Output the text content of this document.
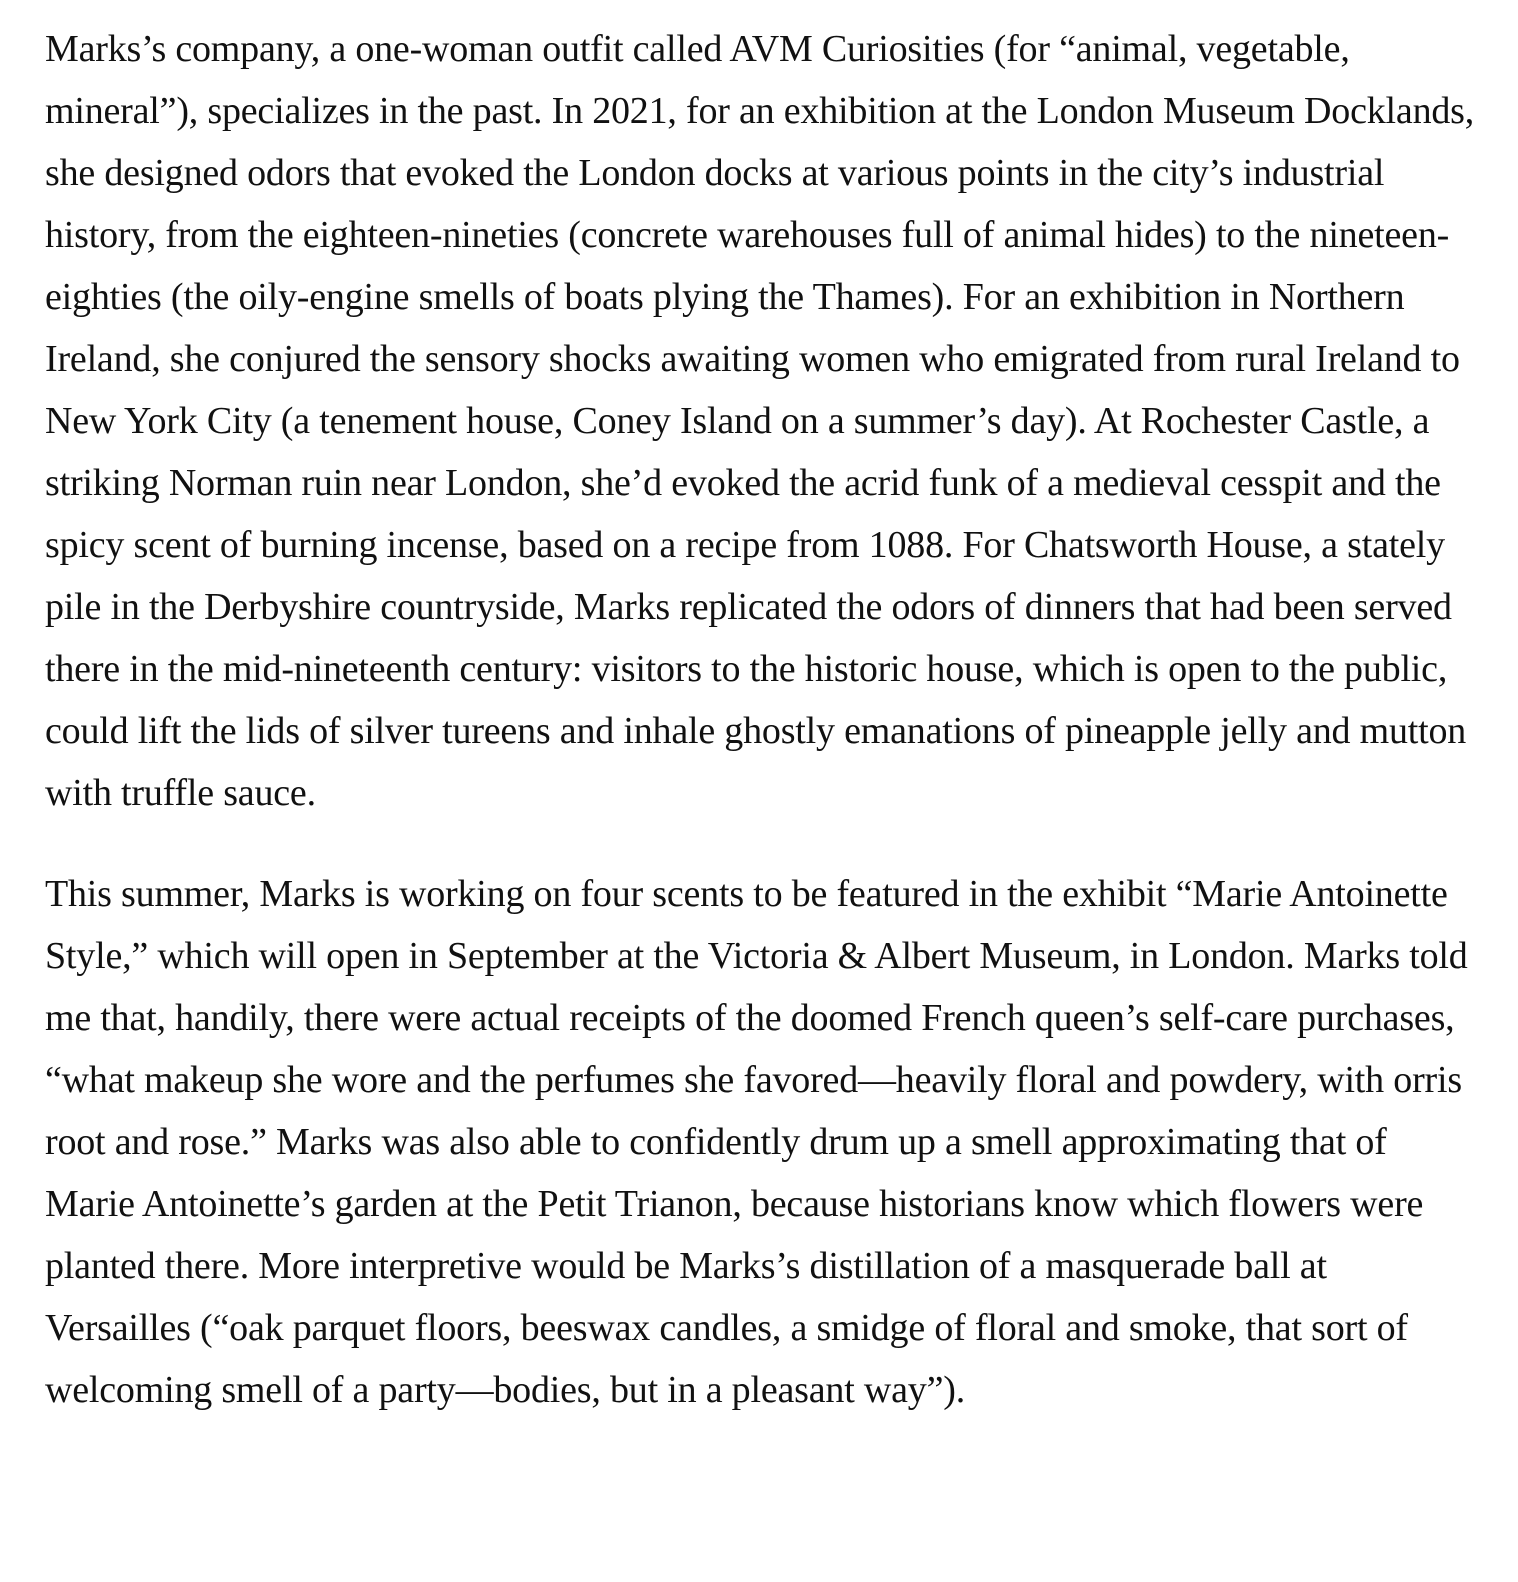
Marks’s company, a one-woman outfit called AVM Curiosities (for “animal, vegetable, mineral”), specializes in the past. In 2021, for an exhibition at the London Museum Docklands, she designed odors that evoked the London docks at various points in the city’s industrial history, from the eighteen-nineties (concrete warehouses full of animal hides) to the nineteen-eighties (the oily-engine smells of boats plying the Thames). For an exhibition in Northern Ireland, she conjured the sensory shocks awaiting women who emigrated from rural Ireland to New York City (a tenement house, Coney Island on a summer’s day). At Rochester Castle, a striking Norman ruin near London, she’d evoked the acrid funk of a medieval cesspit and the spicy scent of burning incense, based on a recipe from 1088. For Chatsworth House, a stately pile in the Derbyshire countryside, Marks replicated the odors of dinners that had been served there in the mid-nineteenth century: visitors to the historic house, which is open to the public, could lift the lids of silver tureens and inhale ghostly emanations of pineapple jelly and mutton with truffle sauce.

This summer, Marks is working on four scents to be featured in the exhibit “Marie Antoinette Style,” which will open in September at the Victoria & Albert Museum, in London. Marks told me that, handily, there were actual receipts of the doomed French queen’s self-care purchases, “what makeup she wore and the perfumes she favored—heavily floral and powdery, with orris root and rose.” Marks was also able to confidently drum up a smell approximating that of Marie Antoinette’s garden at the Petit Trianon, because historians know which flowers were planted there. More interpretive would be Marks’s distillation of a masquerade ball at Versailles (“oak parquet floors, beeswax candles, a smidge of floral and smoke, that sort of welcoming smell of a party—bodies, but in a pleasant way”).
